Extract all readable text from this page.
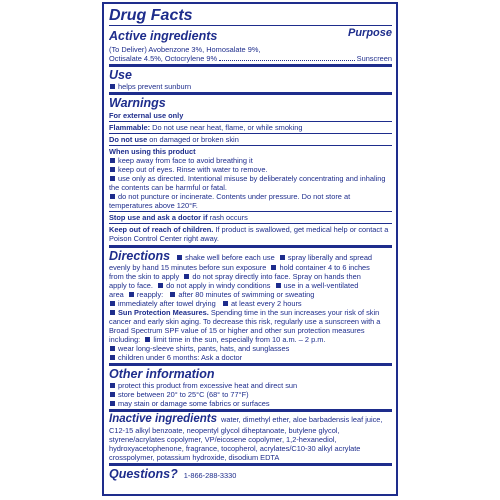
Drug Facts
Purpose
Active ingredients
(To Deliver) Avobenzone 3%, Homosalate 9%,
Octisalate 4.5%, Octocrylene 9%	Sunscreen
Use
helps prevent sunburn
Warnings
For external use only
Flammable: Do not use near heat, flame, or while smoking
Do not use on damaged or broken skin
When using this product
keep away from face to avoid breathing it
keep out of eyes. Rinse with water to remove.
use only as directed. Intentional misuse by deliberately concentrating and inhaling the contents can be harmful or fatal.
do not puncture or incinerate. Contents under pressure. Do not store at temperatures above 120°F.
Stop use and ask a doctor if rash occurs
Keep out of reach of children. If product is swallowed, get medical help or contact a Poison Control Center right away.
Directions shake well before each use spray liberally and spread
evenly by hand 15 minutes before sun exposure hold container 4 to 6 inches
from the skin to apply do not spray directly into face. Spray on hands then
apply to face. do not apply in windy conditions use in a well-ventilated
area reapply: after 80 minutes of swimming or sweating
immediately after towel drying at least every 2 hours
Sun Protection Measures. Spending time in the sun increases your risk of skin cancer and early skin aging. To decrease this risk, regularly use a sunscreen with a Broad Spectrum SPF value of 15 or higher and other sun protection measures including: limit time in the sun, especially from 10 a.m. – 2 p.m.
wear long-sleeve shirts, pants, hats, and sunglasses
children under 6 months: Ask a doctor
Other information
protect this product from excessive heat and direct sun
store between 20° to 25°C (68° to 77°F)
may stain or damage some fabrics or surfaces
Inactive ingredients water, dimethyl ether, aloe barbadensis leaf juice, C12-15 alkyl benzoate, neopentyl glycol diheptanoate, butylene glycol, styrene/acrylates copolymer, VP/eicosene copolymer, 1,2-hexanediol, hydroxyacetophenone, fragrance, tocopherol, acrylates/C10-30 alkyl acrylate crosspolymer, potassium hydroxide, disodium EDTA
Questions? 1-866-288-3330
